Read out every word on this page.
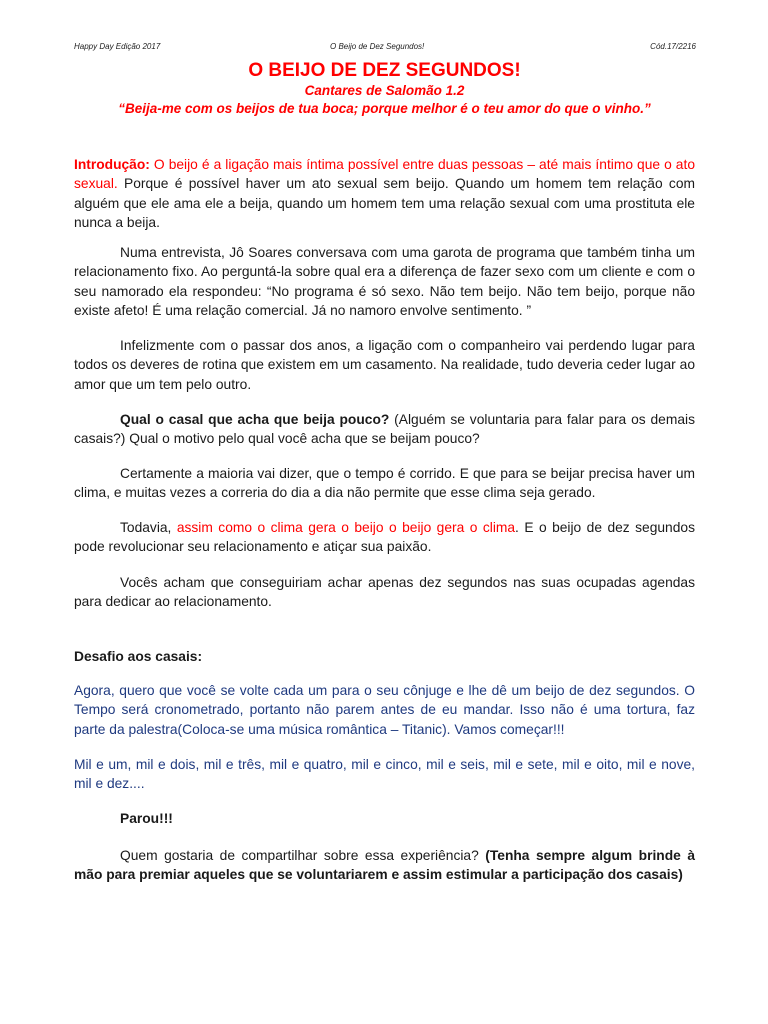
Happy Day Edição 2017	O Beijo de Dez Segundos!	Cód.17/2216
O BEIJO DE DEZ SEGUNDOS!
Cantares de Salomão 1.2
“Beija-me com os beijos de tua boca; porque melhor é o teu amor do que o vinho.”

Introdução: O beijo é a ligação mais íntima possível entre duas pessoas – até mais íntimo que o ato sexual. Porque é possível haver um ato sexual sem beijo. Quando um homem tem relação com alguém que ele ama ele a beija, quando um homem tem uma relação sexual com uma prostituta ele nunca a beija.

Numa entrevista, Jô Soares conversava com uma garota de programa que também tinha um relacionamento fixo. Ao perguntá-la sobre qual era a diferença de fazer sexo com um cliente e com o seu namorado ela respondeu: “No programa é só sexo. Não tem beijo. Não tem beijo, porque não existe afeto! É uma relação comercial. Já no namoro envolve sentimento. ”

Infelizmente com o passar dos anos, a ligação com o companheiro vai perdendo lugar para todos os deveres de rotina que existem em um casamento. Na realidade, tudo deveria ceder lugar ao amor que um tem pelo outro.

Qual o casal que acha que beija pouco? (Alguém se voluntaria para falar para os demais casais?) Qual o motivo pelo qual você acha que se beijam pouco?

Certamente a maioria vai dizer, que o tempo é corrido. E que para se beijar precisa haver um clima, e muitas vezes a correria do dia a dia não permite que esse clima seja gerado.

Todavia, assim como o clima gera o beijo o beijo gera o clima. E o beijo de dez segundos pode revolucionar seu relacionamento e atiçar sua paixão.

Vocês acham que conseguiriam achar apenas dez segundos nas suas ocupadas agendas para dedicar ao relacionamento.

Desafio aos casais:

Agora, quero que você se volte cada um para o seu cônjuge e lhe dê um beijo de dez segundos. O Tempo será cronometrado, portanto não parem antes de eu mandar. Isso não é uma tortura, faz parte da palestra(Coloca-se uma música romântica – Titanic). Vamos começar!!!

Mil e um, mil e dois, mil e três, mil e quatro, mil e cinco, mil e seis, mil e sete, mil e oito, mil e nove, mil e dez....

Parou!!!

Quem gostaria de compartilhar sobre essa experiência? (Tenha sempre algum brinde à mão para premiar aqueles que se voluntariarem e assim estimular a participação dos casais)
